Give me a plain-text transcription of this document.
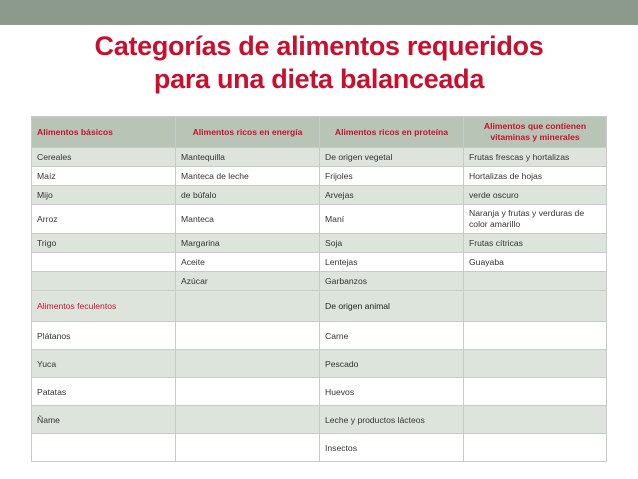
Categorías de alimentos requeridos
para una dieta balanceada
Alimentos básicos	Alimentos ricos en energía	Alimentos ricos en proteína	Alimentos que contienen vitaminas y minerales
Cereales	Mantequilla	De origen vegetal	Frutas frescas y hortalizas
Maíz	Manteca de leche	Frijoles	Hortalizas de hojas
Mijo	de búfalo	Arvejas	verde oscuro
Arroz	Manteca	Maní	Naranja y frutas y verduras de color amarillo
Trigo	Margarina	Soja	Frutas cítricas
	Aceite	Lentejas	Guayaba
	Azúcar	Garbanzos	
Alimentos feculentos		De origen animal	
Plátanos		Carne	
Yuca		Pescado	
Patatas		Huevos	
Ñame		Leche y productos lácteos	
		Insectos	
